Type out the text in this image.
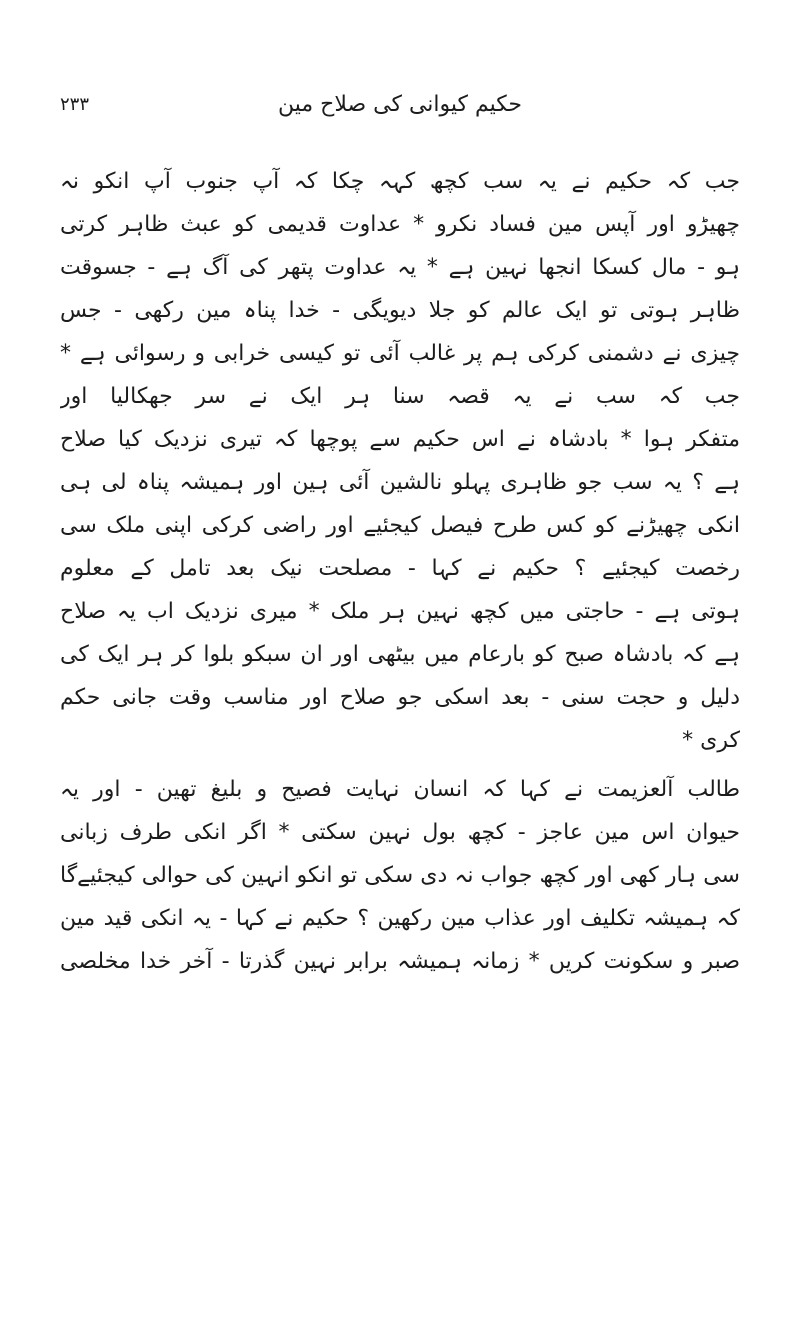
۲۳۳	حکیم کیوانی کی صلاح مین
جب کہ حکیم نے یہ سب کچھ کہہ چکا کہ آپ جنوب آپ انکو نہ
چھیڑو اور آپس مین فساد نکرو * عداوت قدیمی کو عبث ظاہر کرتی
ہو - مال کسکا انجھا نہین ہے * یہ عداوت پتھر کی آگ ہے - جسوقت
ظاہر ہوتی تو ایک عالم کو جلا دیویگی - خدا پناہ مین رکھی - جس
چیزی نے دشمنی کرکی ہم پر غالب آئی تو کیسی خرابی و رسوائی ہے *
جب کہ سب نے یہ قصہ سنا ہر ایک نے سر جھکالیا اور
متفکر ہوا * بادشاہ نے اس حکیم سے پوچھا کہ تیری نزدیک کیا صلاح
ہے ؟ یہ سب جو ظاہری پہلو نالشین آئی ہین اور ہمیشہ پناہ لی ہی
انکی چھیڑنے کو کس طرح فیصل کیجئیے اور راضی کرکی اپنی ملک سی
رخصت کیجئیے ؟ حکیم نے کہا - مصلحت نیک بعد تامل کے معلوم
ہوتی ہے - حاجتی میں کچھ نہین ہر ملک * میری نزدیک اب یہ صلاح
ہے کہ بادشاہ صبح کو بارعام میں بیٹھی اور ان سبکو بلوا کر ہر ایک کی
دلیل و حجت سنی - بعد اسکی جو صلاح اور مناسب وقت جانی حکم
کری *
طالب آلعزیمت نے کہا کہ انسان نہایت فصیح و بلیغ تھین - اور یہ
حیوان اس مین عاجز - کچھ بول نہین سکتی * اگر انکی طرف زبانی
سی ہار کھی اور کچھ جواب نہ دی سکی تو انکو انہین کی حوالی کیجئیےگا
کہ ہمیشہ تکلیف اور عذاب مین رکھین ؟ حکیم نے کہا - یہ انکی قید مین
صبر و سکونت کریں * زمانہ ہمیشہ برابر نہین گذرتا - آخر خدا مخلصی
